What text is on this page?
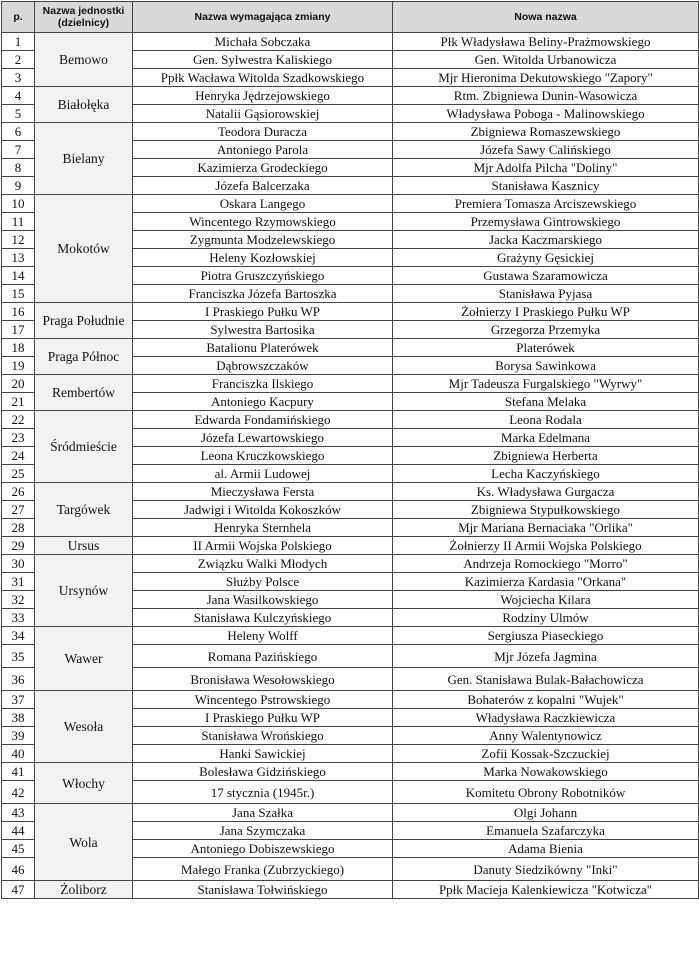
p.	Nazwa jednostki (dzielnicy)	Nazwa wymagająca zmiany	Nowa nazwa
1	Bemowo	Michała Sobczaka	Płk Władysława Beliny-Prażmowskiego
2		Gen. Sylwestra Kaliskiego	Gen. Witolda Urbanowicza
3		Ppłk Wacława Witolda Szadkowskiego	Mjr Hieronima Dekutowskiego "Zapory"
4	Białołęka	Henryka Jędrzejowskiego	Rtm. Zbigniewa Dunin-Wasowicza
5		Natalii Gąsiorowskiej	Władysława Poboga - Malinowskiego
6	Bielany	Teodora Duracza	Zbigniewa Romaszewskiego
7		Antoniego Parola	Józefa Sawy Calińskiego
8		Kazimierza Grodeckiego	Mjr Adolfa Pilcha "Doliny"
9		Józefa Balcerzaka	Stanisława Kasznicy
10	Mokotów	Oskara Langego	Premiera Tomasza Arciszewskiego
11		Wincentego Rzymowskiego	Przemysława Gintrowskiego
12		Zygmunta Modzelewskiego	Jacka Kaczmarskiego
13		Heleny Kozłowskiej	Grażyny Gęsickiej
14		Piotra Gruszczyńskiego	Gustawa Szaramowicza
15		Franciszka Józefa Bartoszka	Stanisława Pyjasa
16	Praga Południe	I Praskiego Pułku WP	Żołnierzy I Praskiego Pułku WP
17		Sylwestra Bartosika	Grzegorza Przemyka
18	Praga Północ	Batalionu Platerówek	Platerówek
19		Dąbrowszczaków	Borysa Sawinkowa
20	Rembertów	Franciszka Ilskiego	Mjr Tadeusza Furgalskiego "Wyrwy"
21		Antoniego Kacpury	Stefana Melaka
22	Śródmieście	Edwarda Fondamińskiego	Leona Rodala
23		Józefa Lewartowskiego	Marka Edelmana
24		Leona Kruczkowskiego	Zbigniewa Herberta
25		al. Armii Ludowej	Lecha Kaczyńskiego
26	Targówek	Mieczysława Fersta	Ks. Władysława Gurgacza
27		Jadwigi i Witolda Kokoszków	Zbigniewa Stypułkowskiego
28		Henryka Sternhela	Mjr Mariana Bernaciaka "Orlika"
29	Ursus	II Armii Wojska Polskiego	Żołnierzy II Armii Wojska Polskiego
30	Ursynów	Związku Walki Młodych	Andrzeja Romockiego "Morro"
31		Służby Polsce	Kazimierza Kardasia "Orkana"
32		Jana Wasilkowskiego	Wojciecha Kilara
33		Stanisława Kulczyńskiego	Rodziny Ulmów
34	Wawer	Heleny Wolff	Sergiusza Piaseckiego
35		Romana Pazińskiego	Mjr Józefa Jagmina
36		Bronisława Wesołowskiego	Gen. Stanisława Bulak-Bałachowicza
37	Wesoła	Wincentego Pstrowskiego	Bohaterów z kopalni "Wujek"
38		I Praskiego Pułku WP	Władysława Raczkiewicza
39		Stanisława Wrońskiego	Anny Walentynowicz
40		Hanki Sawickiej	Zofii Kossak-Szczuckiej
41	Włochy	Bolesława Gidzińskiego	Marka Nowakowskiego
42		17 stycznia (1945r.)	Komitetu Obrony Robotników
43	Wola	Jana Szałka	Olgi Johann
44		Jana Szymczaka	Emanuela Szafarczyka
45		Antoniego Dobiszewskiego	Adama Bienia
46		Małego Franka (Zubrzyckiego)	Danuty Siedzikówny "Inki"
47	Żoliborz	Stanisława Tołwińskiego	Ppłk Macieja Kalenkiewicza "Kotwicza"
